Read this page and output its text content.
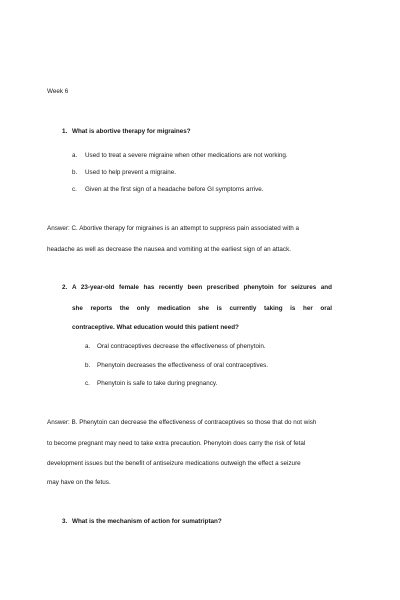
Week 6
1. What is abortive therapy for migraines?
a. Used to treat a severe migraine when other medications are not working.
b. Used to help prevent a migraine.
c. Given at the first sign of a headache before GI symptoms arrive.
Answer: C. Abortive therapy for migraines is an attempt to suppress pain associated with a
headache as well as decrease the nausea and vomiting at the earliest sign of an attack.
2. A 23-year-old female has recently been prescribed phenytoin for seizures and
she reports the only medication she is currently taking is her oral
contraceptive. What education would this patient need?
a. Oral contraceptives decrease the effectiveness of phenytoin.
b. Phenytoin decreases the effectiveness of oral contraceptives.
c. Phenytoin is safe to take during pregnancy.
Answer: B. Phenytoin can decrease the effectiveness of contraceptives so those that do not wish
to become pregnant may need to take extra precaution. Phenytoin does carry the risk of fetal
development issues but the benefit of antiseizure medications outweigh the effect a seizure
may have on the fetus.
3. What is the mechanism of action for sumatriptan?
